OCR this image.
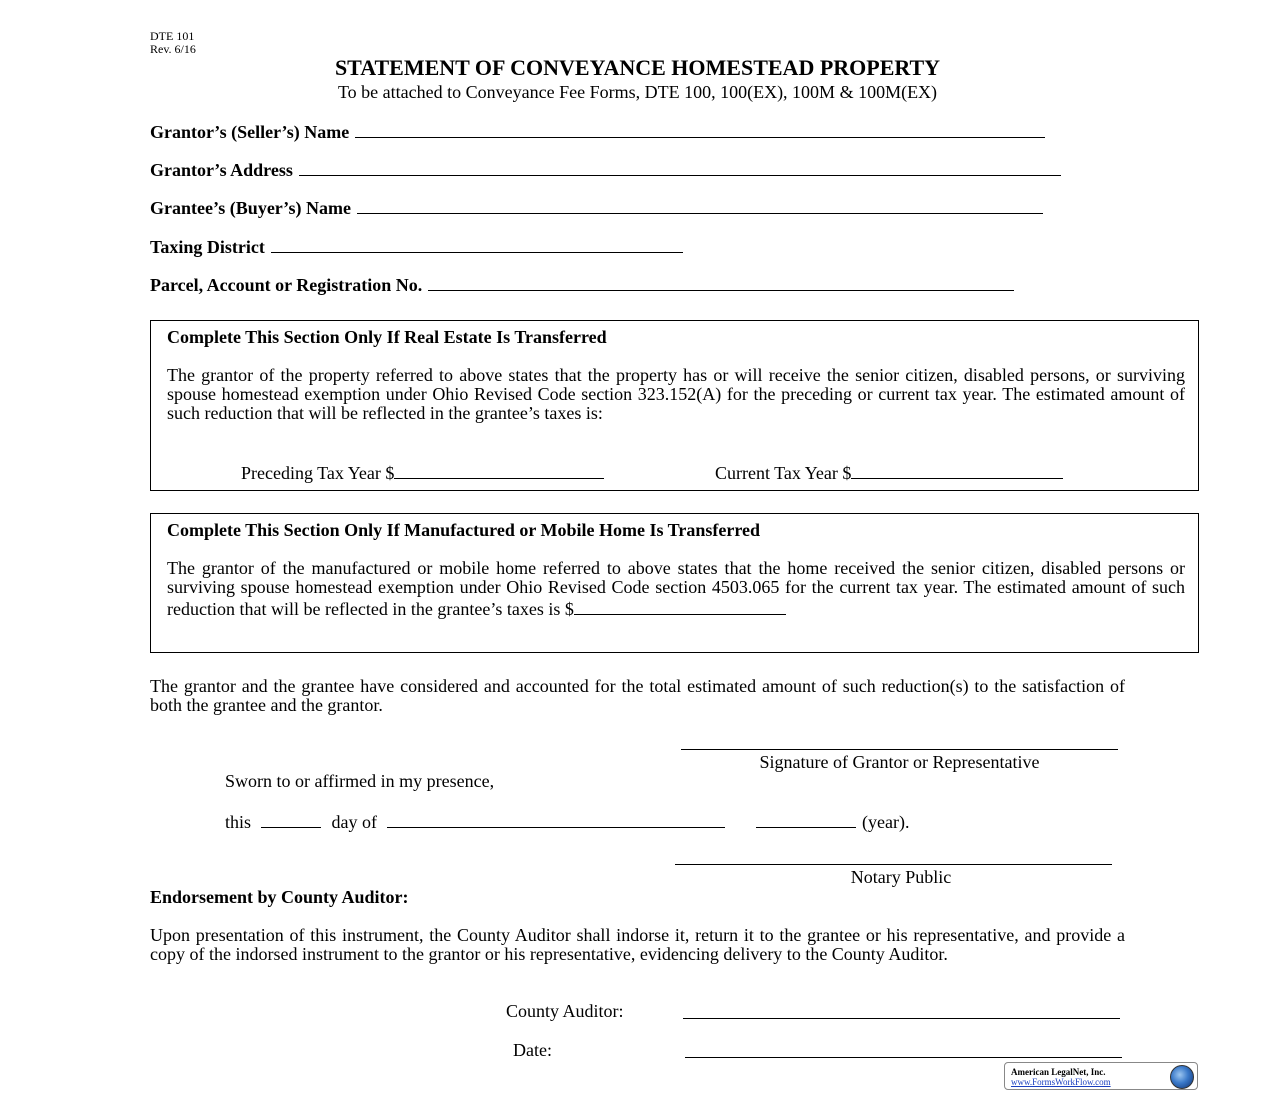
DTE 101
Rev. 6/16
STATEMENT OF CONVEYANCE HOMESTEAD PROPERTY
To be attached to Conveyance Fee Forms, DTE 100, 100(EX), 100M & 100M(EX)
Grantor’s (Seller’s) Name
Grantor’s Address
Grantee’s (Buyer’s) Name
Taxing District
Parcel, Account or Registration No.
Complete This Section Only If Real Estate Is Transferred
The grantor of the property referred to above states that the property has or will receive the senior citizen, disabled persons, or surviving spouse homestead exemption under Ohio Revised Code section 323.152(A) for the preceding or current tax year. The estimated amount of such reduction that will be reflected in the grantee’s taxes is:
Preceding Tax Year $	Current Tax Year $
Complete This Section Only If Manufactured or Mobile Home Is Transferred
The grantor of the manufactured or mobile home referred to above states that the home received the senior citizen, disabled persons or surviving spouse homestead exemption under Ohio Revised Code section 4503.065 for the current tax year. The estimated amount of such reduction that will be reflected in the grantee’s taxes is $
The grantor and the grantee have considered and accounted for the total estimated amount of such reduction(s) to the satisfaction of both the grantee and the grantor.
Signature of Grantor or Representative
Sworn to or affirmed in my presence,
this	day of	(year).
Notary Public
Endorsement by County Auditor:
Upon presentation of this instrument, the County Auditor shall indorse it, return it to the grantee or his representative, and provide a copy of the indorsed instrument to the grantor or his representative, evidencing delivery to the County Auditor.
County Auditor:
Date:
American LegalNet, Inc.
www.FormsWorkFlow.com
